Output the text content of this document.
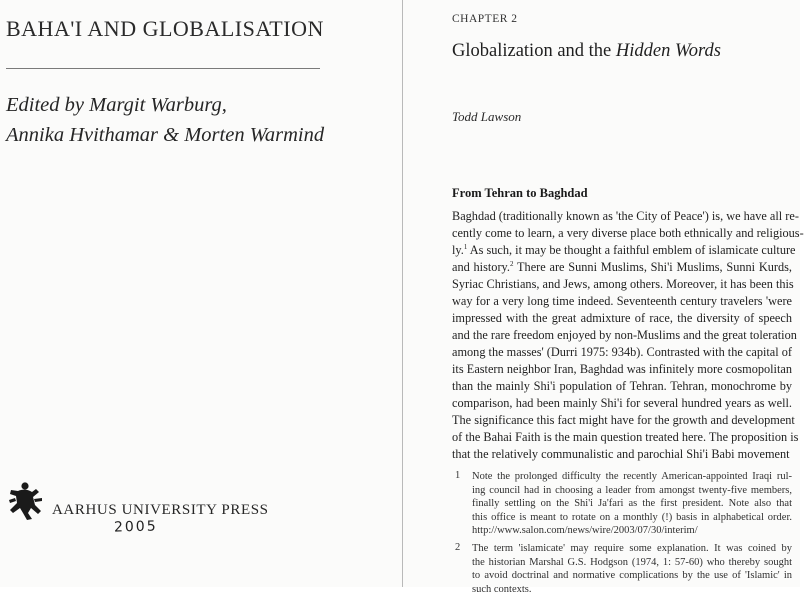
BAHA'I AND GLOBALISATION
Edited by Margit Warburg,
Annika Hvithamar & Morten Warmind
AARHUS UNIVERSITY PRESS
2005
CHAPTER 2
Globalization and the Hidden Words
Todd Lawson
From Tehran to Baghdad
Baghdad (traditionally known as 'the City of Peace') is, we have all re-
cently come to learn, a very diverse place both ethnically and religious-
ly.$^1$ As such, it may be thought a faithful emblem of islamicate culture
and history.$^2$ There are Sunni Muslims, Shi'i Muslims, Sunni Kurds,
Syriac Christians, and Jews, among others. Moreover, it has been this
way for a very long time indeed. Seventeenth century travelers 'were
impressed with the great admixture of race, the diversity of speech
and the rare freedom enjoyed by non-Muslims and the great toleration
among the masses' (Durri 1975: 934b). Contrasted with the capital of
its Eastern neighbor Iran, Baghdad was infinitely more cosmopolitan
than the mainly Shi'i population of Tehran. Tehran, monochrome by
comparison, had been mainly Shi'i for several hundred years as well.
The significance this fact might have for the growth and development
of the Bahai Faith is the main question treated here. The proposition is
that the relatively communalistic and parochial Shi'i Babi movement
1 Note the prolonged difficulty the recently American-appointed Iraqi rul-
ing council had in choosing a leader from amongst twenty-five members,
finally settling on the Shi'i Ja'fari as the first president. Note also that
this office is meant to rotate on a monthly (!) basis in alphabetical order.
http://www.salon.com/news/wire/2003/07/30/interim/
2 The term 'islamicate' may require some explanation. It was coined by
the historian Marshal G.S. Hodgson (1974, 1: 57-60) who thereby sought
to avoid doctrinal and normative complications by the use of 'Islamic' in
such contexts.
